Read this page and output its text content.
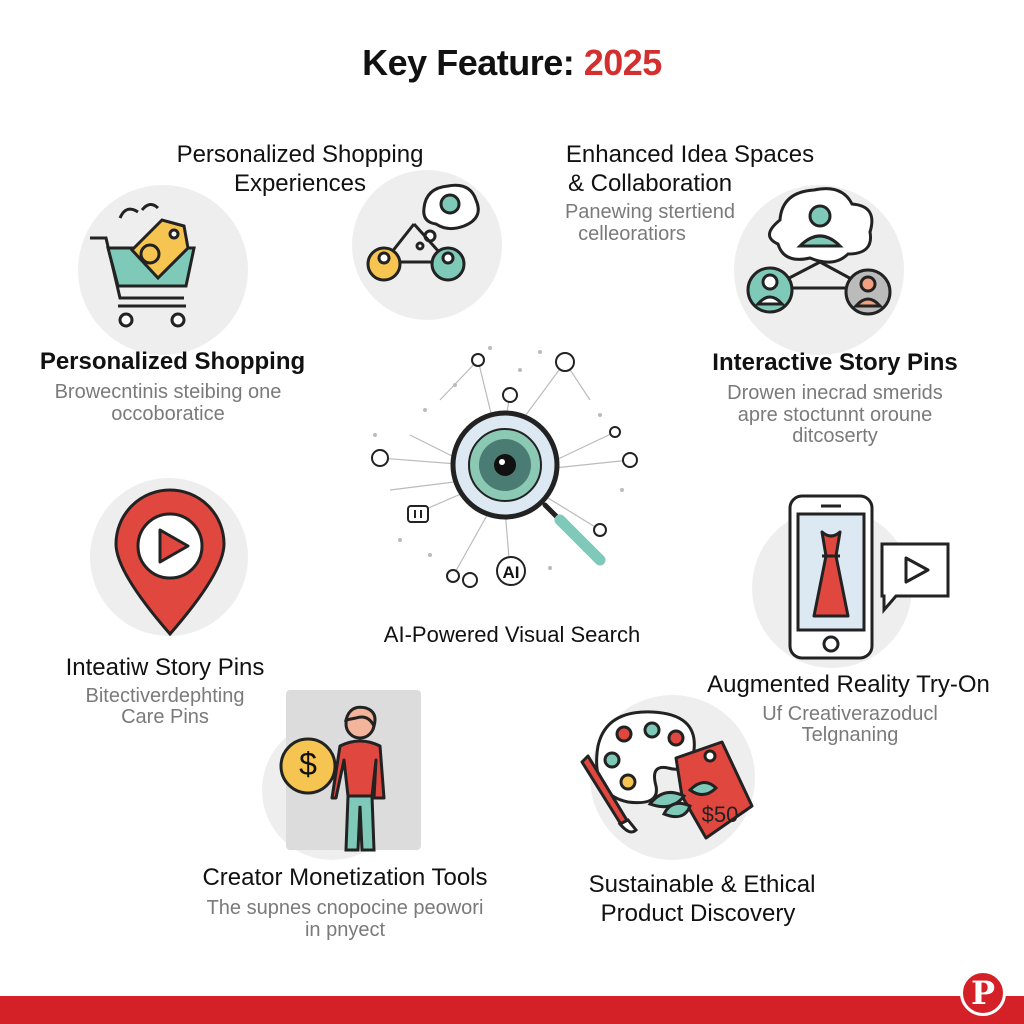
Key Feature: 2025
Personalized Shopping
Experiences
Enhanced Idea Spaces
& Collaboration
Panewing stertiend
celleoratiors
Personalized Shopping
Browecntinis steibing one
occoboratice
Interactive Story Pins
Drowen inecrad smerids
apre stoctunnt oroune
ditcoserty
AI
AI-Powered Visual Search
Inteatiw Story Pins
Bitectiverdephting
Care Pins
Augmented Reality Try-On
Uf Creativerazoducl
Telgnaning
$
Creator Monetization Tools
The supnes cnopocine peowori
in pnyect
$50
Sustainable & Ethical
Product Discovery
P
